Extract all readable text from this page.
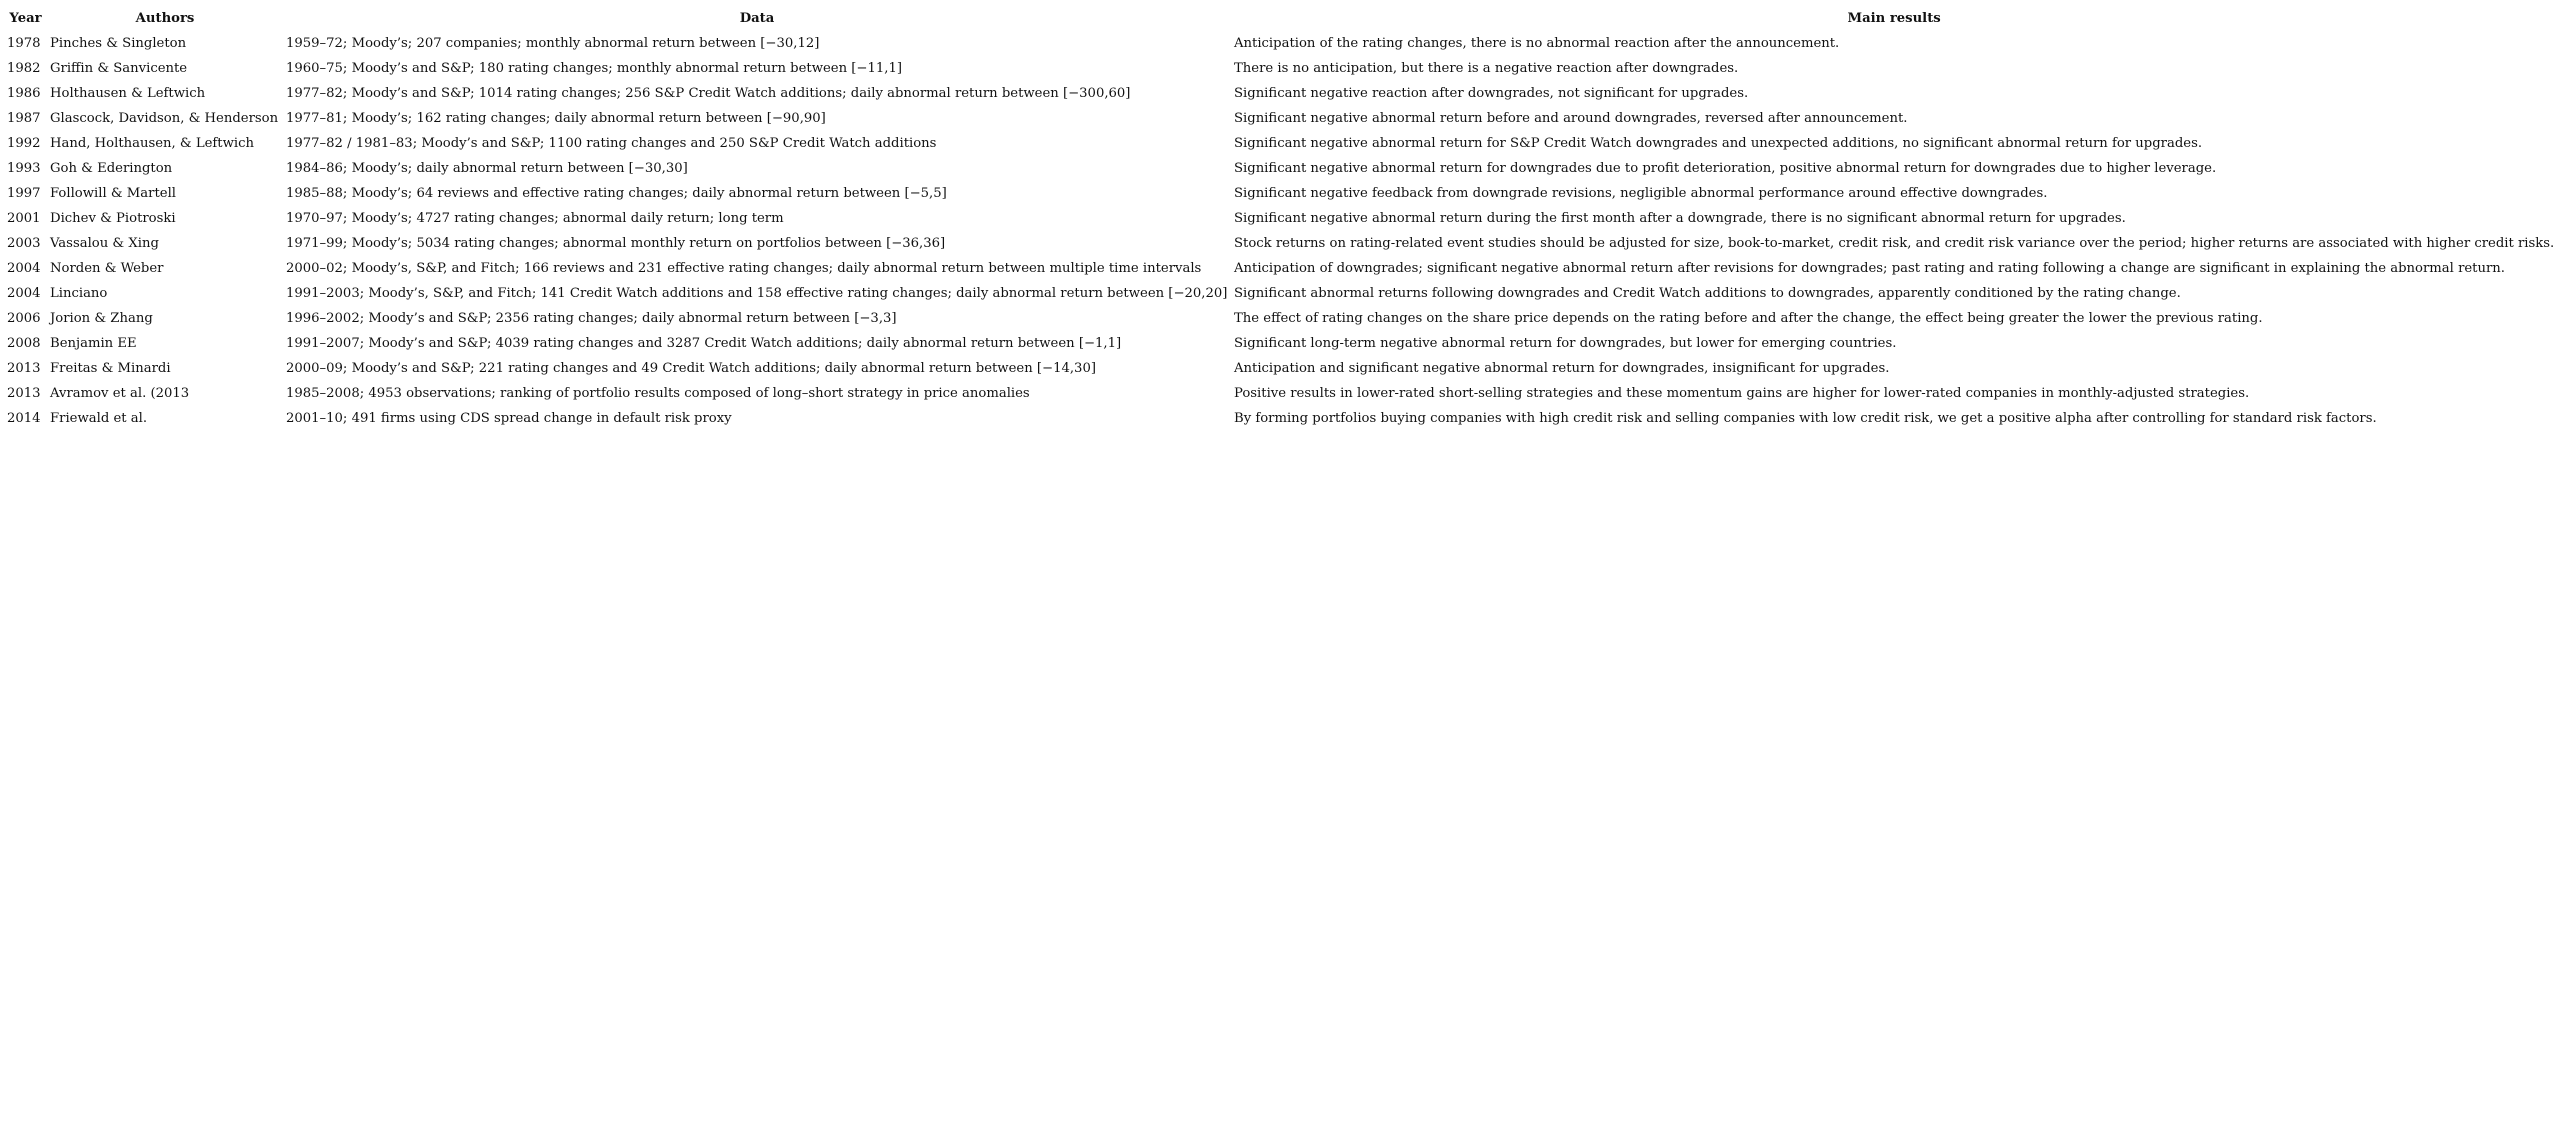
Year	Authors	Data	Main results
1978	Pinches & Singleton	1959–72; Moody’s; 207 companies; monthly abnormal return between [−30,12]	Anticipation of the rating changes, there is no abnormal reaction after the announcement.
1982	Griffin & Sanvicente	1960–75; Moody’s and S&P; 180 rating changes; monthly abnormal return between [−11,1]	There is no anticipation, but there is a negative reaction after downgrades.
1986	Holthausen & Leftwich	1977–82; Moody’s and S&P; 1014 rating changes; 256 S&P Credit Watch additions; daily abnormal return between [−300,60]	Significant negative reaction after downgrades, not significant for upgrades.
1987	Glascock, Davidson, & Henderson	1977–81; Moody’s; 162 rating changes; daily abnormal return between [−90,90]	Significant negative abnormal return before and around downgrades, reversed after announcement.
1992	Hand, Holthausen, & Leftwich	1977–82 / 1981–83; Moody’s and S&P; 1100 rating changes and 250 S&P Credit Watch additions	Significant negative abnormal return for S&P Credit Watch downgrades and unexpected additions, no significant abnormal return for upgrades.
1993	Goh & Ederington	1984–86; Moody’s; daily abnormal return between [−30,30]	Significant negative abnormal return for downgrades due to profit deterioration, positive abnormal return for downgrades due to higher leverage.
1997	Followill & Martell	1985–88; Moody’s; 64 reviews and effective rating changes; daily abnormal return between [−5,5]	Significant negative feedback from downgrade revisions, negligible abnormal performance around effective downgrades.
2001	Dichev & Piotroski	1970–97; Moody’s; 4727 rating changes; abnormal daily return; long term	Significant negative abnormal return during the first month after a downgrade, there is no significant abnormal return for upgrades.
2003	Vassalou & Xing	1971–99; Moody’s; 5034 rating changes; abnormal monthly return on portfolios between [−36,36]	Stock returns on rating-related event studies should be adjusted for size, book-to-market, credit risk, and credit risk variance over the period; higher returns are associated with higher credit risks.
2004	Norden & Weber	2000–02; Moody’s, S&P, and Fitch; 166 reviews and 231 effective rating changes; daily abnormal return between multiple time intervals	Anticipation of downgrades; significant negative abnormal return after revisions for downgrades; past rating and rating following a change are significant in explaining the abnormal return.
2004	Linciano	1991–2003; Moody’s, S&P, and Fitch; 141 Credit Watch additions and 158 effective rating changes; daily abnormal return between [−20,20]	Significant abnormal returns following downgrades and Credit Watch additions to downgrades, apparently conditioned by the rating change.
2006	Jorion & Zhang	1996–2002; Moody’s and S&P; 2356 rating changes; daily abnormal return between [−3,3]	The effect of rating changes on the share price depends on the rating before and after the change, the effect being greater the lower the previous rating.
2008	Benjamin EE	1991–2007; Moody’s and S&P; 4039 rating changes and 3287 Credit Watch additions; daily abnormal return between [−1,1]	Significant long-term negative abnormal return for downgrades, but lower for emerging countries.
2013	Freitas & Minardi	2000–09; Moody’s and S&P; 221 rating changes and 49 Credit Watch additions; daily abnormal return between [−14,30]	Anticipation and significant negative abnormal return for downgrades, insignificant for upgrades.
2013	Avramov et al. (2013	1985–2008; 4953 observations; ranking of portfolio results composed of long–short strategy in price anomalies	Positive results in lower-rated short-selling strategies and these momentum gains are higher for lower-rated companies in monthly-adjusted strategies.
2014	Friewald et al.	2001–10; 491 firms using CDS spread change in default risk proxy	By forming portfolios buying companies with high credit risk and selling companies with low credit risk, we get a positive alpha after controlling for standard risk factors.
